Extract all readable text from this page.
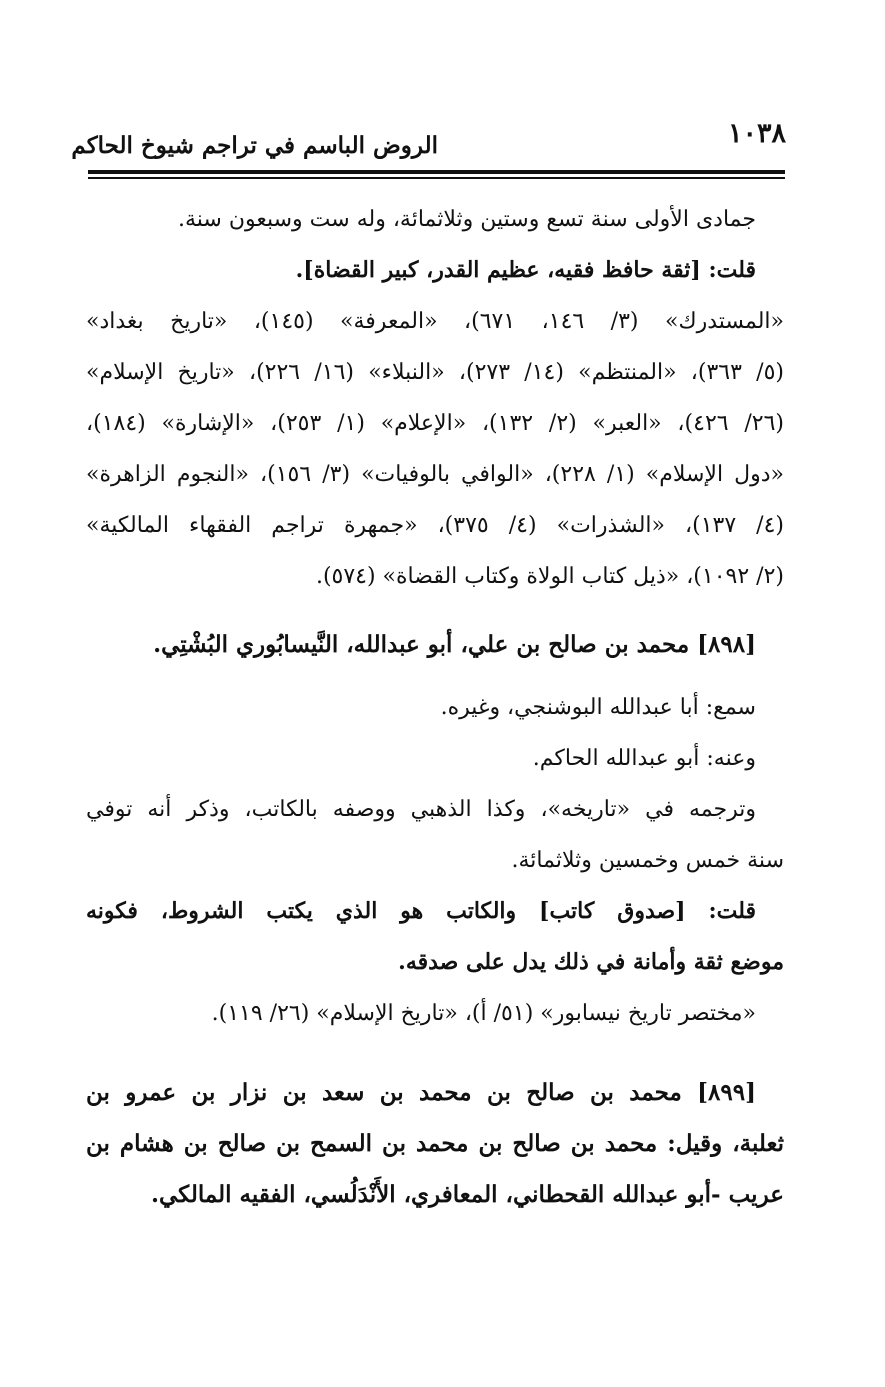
١٠٣٨
الروض الباسم في تراجم شيوخ الحاكم
جمادى الأولى سنة تسع وستين وثلاثمائة، وله ست وسبعون سنة.
قلت: [ثقة حافظ فقيه، عظيم القدر، كبير القضاة].
«المستدرك» (٣/ ١٤٦، ٦٧١)، «المعرفة» (١٤٥)، «تاريخ بغداد»
(٥/ ٣٦٣)، «المنتظم» (١٤/ ٢٧٣)، «النبلاء» (١٦/ ٢٢٦)، «تاريخ الإسلام»
(٢٦/ ٤٢٦)، «العبر» (٢/ ١٣٢)، «الإعلام» (١/ ٢٥٣)، «الإشارة» (١٨٤)،
«دول الإسلام» (١/ ٢٢٨)، «الوافي بالوفيات» (٣/ ١٥٦)، «النجوم الزاهرة»
(٤/ ١٣٧)، «الشذرات» (٤/ ٣٧٥)، «جمهرة تراجم الفقهاء المالكية»
(٢/ ١٠٩٢)، «ذيل كتاب الولاة وكتاب القضاة» (٥٧٤).
[٨٩٨] محمد بن صالح بن علي، أبو عبدالله، النَّيسابُوري البُشْتِي.
سمع: أبا عبدالله البوشنجي، وغيره.
وعنه: أبو عبدالله الحاكم.
وترجمه في «تاريخه»، وكذا الذهبي ووصفه بالكاتب، وذكر أنه توفي
سنة خمس وخمسين وثلاثمائة.
قلت: [صدوق كاتب] والكاتب هو الذي يكتب الشروط، فكونه
موضع ثقة وأمانة في ذلك يدل على صدقه.
«مختصر تاريخ نيسابور» (٥١/ أ)، «تاريخ الإسلام» (٢٦/ ١١٩).
[٨٩٩] محمد بن صالح بن محمد بن سعد بن نزار بن عمرو بن
ثعلبة، وقيل: محمد بن صالح بن محمد بن السمح بن صالح بن هشام بن
عريب -أبو عبدالله القحطاني، المعافري، الأَنْدَلُسي، الفقيه المالكي.
